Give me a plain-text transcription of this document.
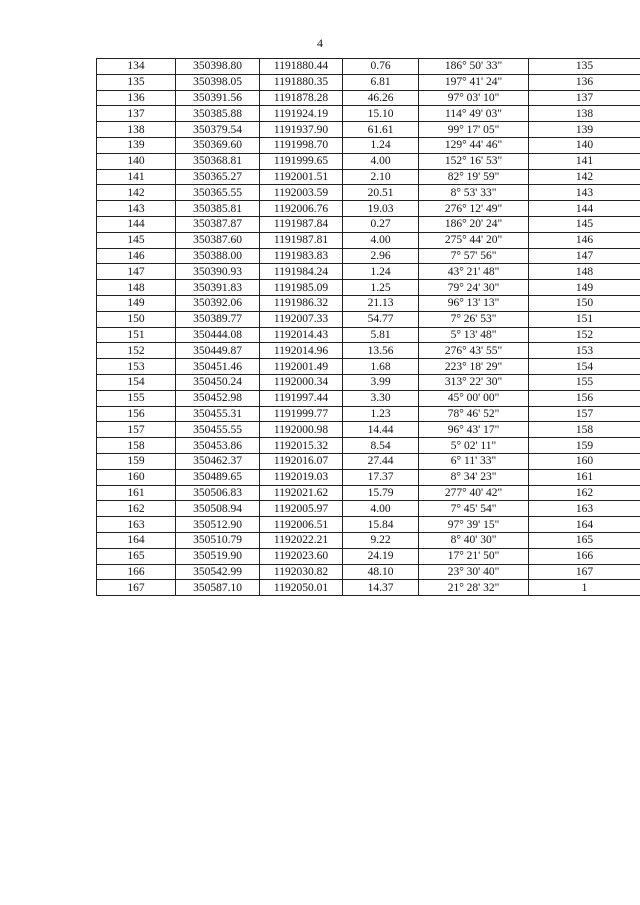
4
134	350398.80	1191880.44	0.76	186° 50' 33"	135
135	350398.05	1191880.35	6.81	197° 41' 24"	136
136	350391.56	1191878.28	46.26	97° 03' 10"	137
137	350385.88	1191924.19	15.10	114° 49' 03"	138
138	350379.54	1191937.90	61.61	99° 17' 05"	139
139	350369.60	1191998.70	1.24	129° 44' 46"	140
140	350368.81	1191999.65	4.00	152° 16' 53"	141
141	350365.27	1192001.51	2.10	82° 19' 59"	142
142	350365.55	1192003.59	20.51	8° 53' 33"	143
143	350385.81	1192006.76	19.03	276° 12' 49"	144
144	350387.87	1191987.84	0.27	186° 20' 24"	145
145	350387.60	1191987.81	4.00	275° 44' 20"	146
146	350388.00	1191983.83	2.96	7° 57' 56"	147
147	350390.93	1191984.24	1.24	43° 21' 48"	148
148	350391.83	1191985.09	1.25	79° 24' 30"	149
149	350392.06	1191986.32	21.13	96° 13' 13"	150
150	350389.77	1192007.33	54.77	7° 26' 53"	151
151	350444.08	1192014.43	5.81	5° 13' 48"	152
152	350449.87	1192014.96	13.56	276° 43' 55"	153
153	350451.46	1192001.49	1.68	223° 18' 29"	154
154	350450.24	1192000.34	3.99	313° 22' 30"	155
155	350452.98	1191997.44	3.30	45° 00' 00"	156
156	350455.31	1191999.77	1.23	78° 46' 52"	157
157	350455.55	1192000.98	14.44	96° 43' 17"	158
158	350453.86	1192015.32	8.54	5° 02' 11"	159
159	350462.37	1192016.07	27.44	6° 11' 33"	160
160	350489.65	1192019.03	17.37	8° 34' 23"	161
161	350506.83	1192021.62	15.79	277° 40' 42"	162
162	350508.94	1192005.97	4.00	7° 45' 54"	163
163	350512.90	1192006.51	15.84	97° 39' 15"	164
164	350510.79	1192022.21	9.22	8° 40' 30"	165
165	350519.90	1192023.60	24.19	17° 21' 50"	166
166	350542.99	1192030.82	48.10	23° 30' 40"	167
167	350587.10	1192050.01	14.37	21° 28' 32"	1
